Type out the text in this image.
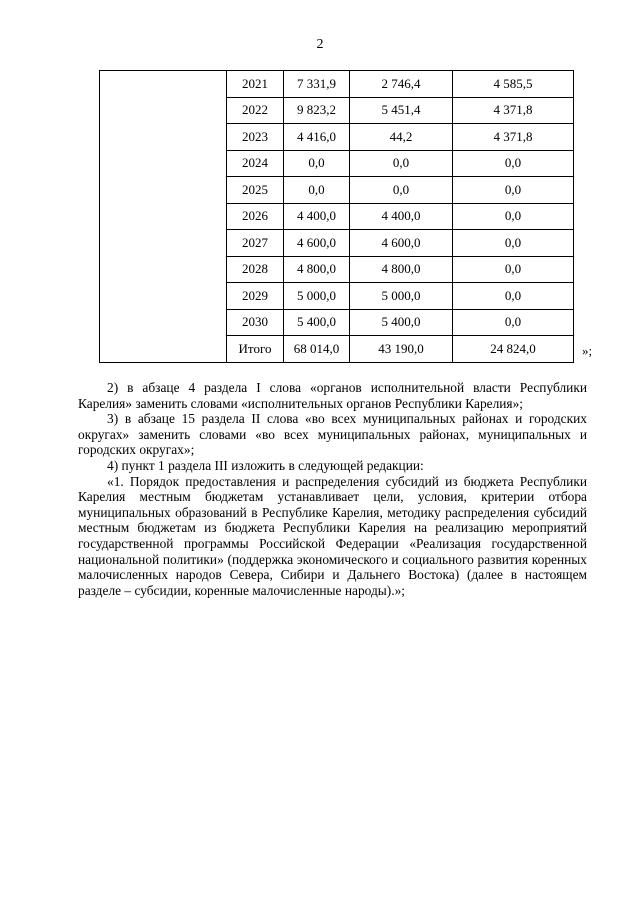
2
	2021	7 331,9	2 746,4	4 585,5
	2022	9 823,2	5 451,4	4 371,8
	2023	4 416,0	44,2	4 371,8
	2024	0,0	0,0	0,0
	2025	0,0	0,0	0,0
	2026	4 400,0	4 400,0	0,0
	2027	4 600,0	4 600,0	0,0
	2028	4 800,0	4 800,0	0,0
	2029	5 000,0	5 000,0	0,0
	2030	5 400,0	5 400,0	0,0
	Итого	68 014,0	43 190,0	24 824,0	»;

2) в абзаце 4 раздела I слова «органов исполнительной власти Республики Карелия» заменить словами «исполнительных органов Республики Карелия»;

3) в абзаце 15 раздела II слова «во всех муниципальных районах и городских округах» заменить словами «во всех муниципальных районах, муниципальных и городских округах»;

4) пункт 1 раздела III изложить в следующей редакции:

«1. Порядок предоставления и распределения субсидий из бюджета Республики Карелия местным бюджетам устанавливает цели, условия, критерии отбора муниципальных образований в Республике Карелия, методику распределения субсидий местным бюджетам из бюджета Республики Карелия на реализацию мероприятий государственной программы Российской Федерации «Реализация государственной национальной политики» (поддержка экономического и социального развития коренных малочисленных народов Севера, Сибири и Дальнего Востока) (далее в настоящем разделе – субсидии, коренные малочисленные народы).»;
